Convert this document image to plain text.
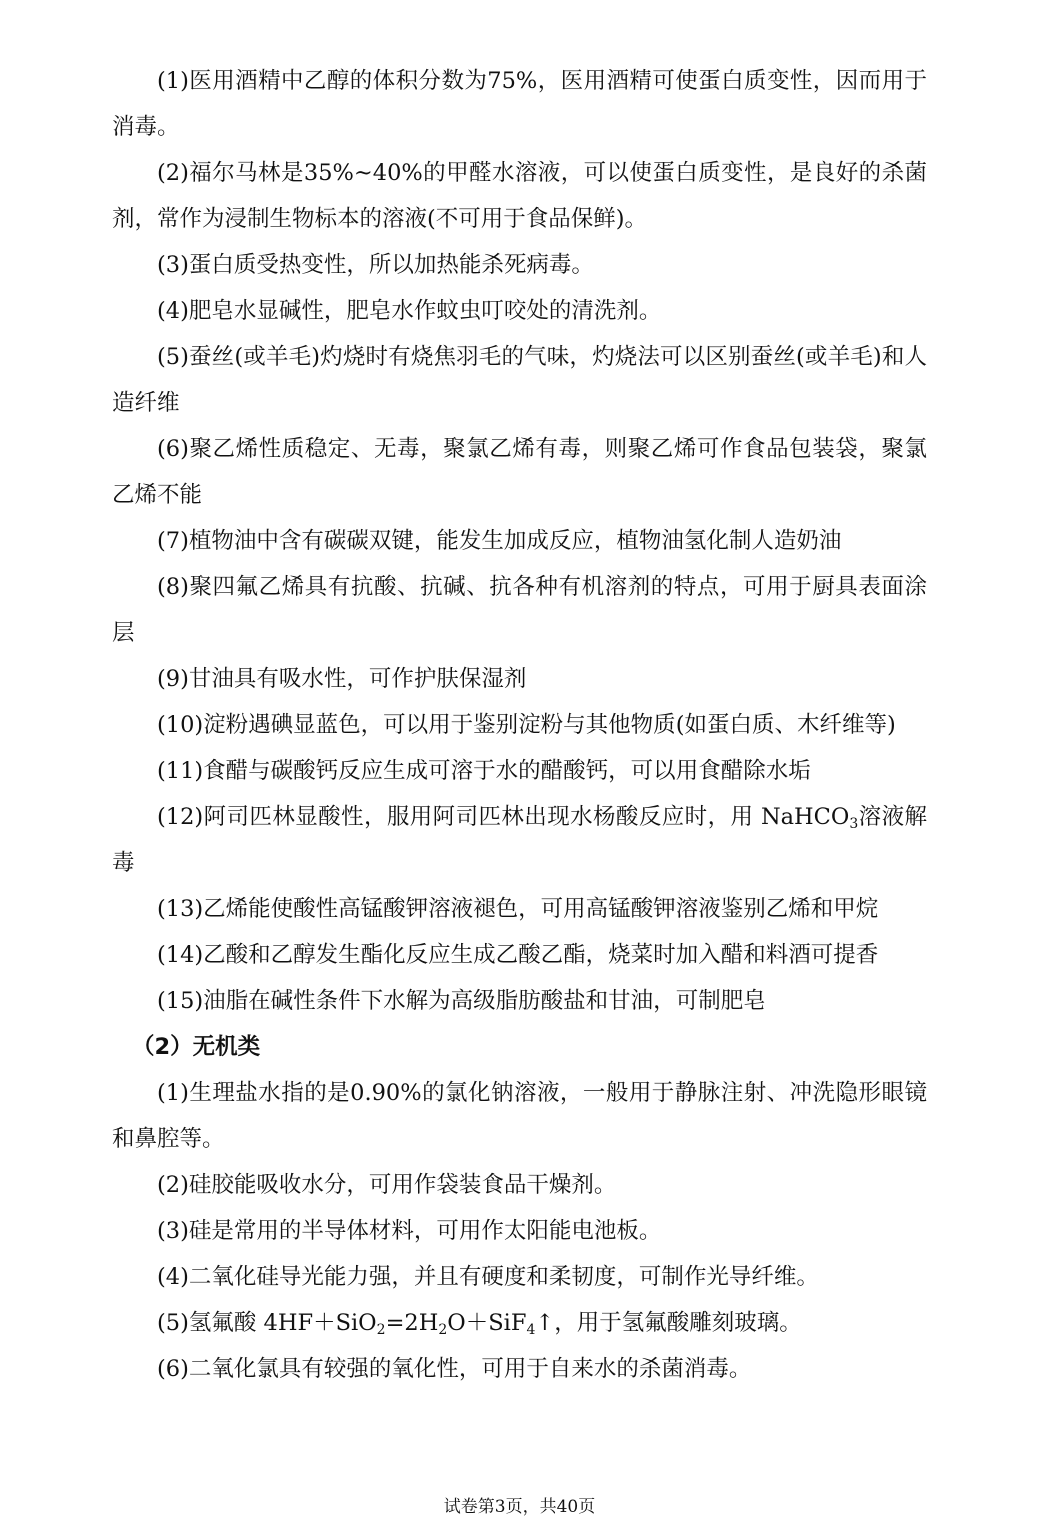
(1)医用酒精中乙醇的体积分数为75%，医用酒精可使蛋白质变性，因而用于消毒。

(2)福尔马林是35%~40%的甲醛水溶液，可以使蛋白质变性，是良好的杀菌剂，常作为浸制生物标本的溶液(不可用于食品保鲜)。

(3)蛋白质受热变性，所以加热能杀死病毒。

(4)肥皂水显碱性，肥皂水作蚊虫叮咬处的清洗剂。

(5)蚕丝(或羊毛)灼烧时有烧焦羽毛的气味，灼烧法可以区别蚕丝(或羊毛)和人造纤维

(6)聚乙烯性质稳定、无毒，聚氯乙烯有毒，则聚乙烯可作食品包装袋，聚氯乙烯不能

(7)植物油中含有碳碳双键，能发生加成反应，植物油氢化制人造奶油

(8)聚四氟乙烯具有抗酸、抗碱、抗各种有机溶剂的特点，可用于厨具表面涂层

(9)甘油具有吸水性，可作护肤保湿剂

(10)淀粉遇碘显蓝色，可以用于鉴别淀粉与其他物质(如蛋白质、木纤维等)

(11)食醋与碳酸钙反应生成可溶于水的醋酸钙，可以用食醋除水垢

(12)阿司匹林显酸性，服用阿司匹林出现水杨酸反应时，用 NaHCO$_3$溶液解毒

(13)乙烯能使酸性高锰酸钾溶液褪色，可用高锰酸钾溶液鉴别乙烯和甲烷

(14)乙酸和乙醇发生酯化反应生成乙酸乙酯，烧菜时加入醋和料酒可提香

(15)油脂在碱性条件下水解为高级脂肪酸盐和甘油，可制肥皂

（2）无机类

(1)生理盐水指的是0.90%的氯化钠溶液，一般用于静脉注射、冲洗隐形眼镜和鼻腔等。

(2)硅胶能吸收水分，可用作袋装食品干燥剂。

(3)硅是常用的半导体材料，可用作太阳能电池板。

(4)二氧化硅导光能力强，并且有硬度和柔韧度，可制作光导纤维。

(5)氢氟酸 $4HF+SiO_2=2H_2O+SiF_4↑$，用于氢氟酸雕刻玻璃。

(6)二氧化氯具有较强的氧化性，可用于自来水的杀菌消毒。

试卷第3页，共40页
